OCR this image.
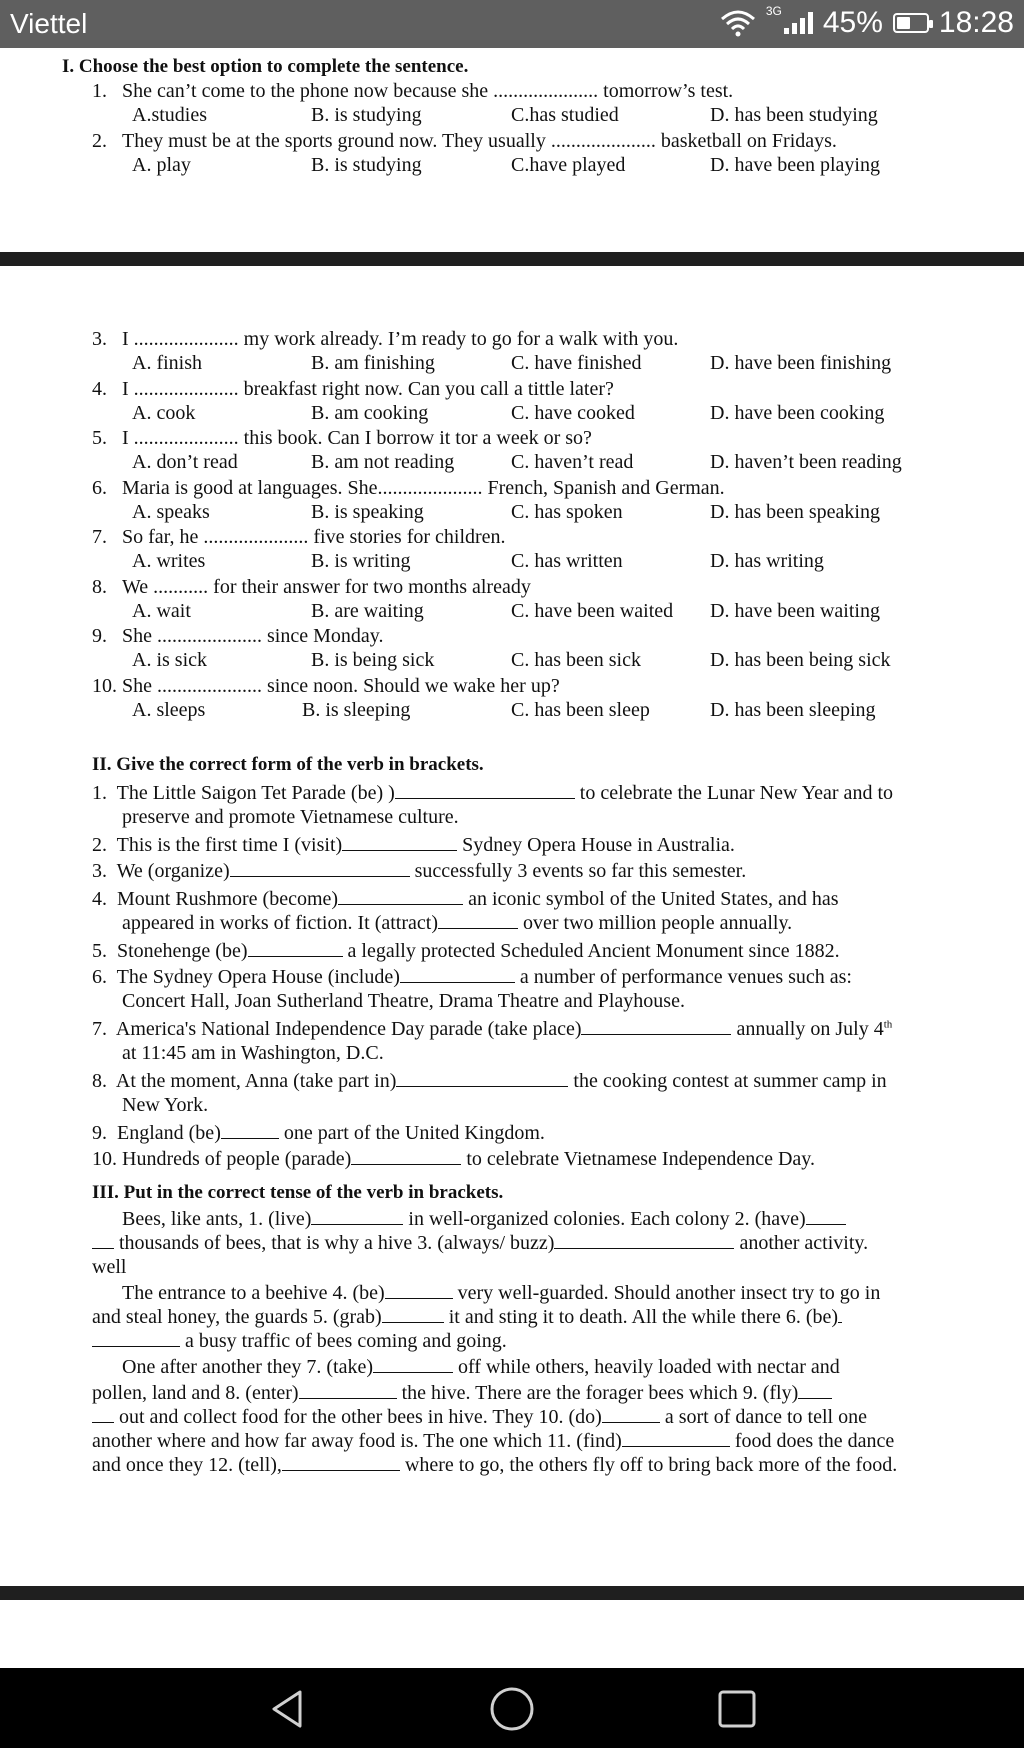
Viettel	3G 45% 18:28
I. Choose the best option to complete the sentence.
1. She can’t come to the phone now because she ..................... tomorrow’s test.
A.studies	B. is studying	C.has studied	D. has been studying
2. They must be at the sports ground now. They usually ..................... basketball on Fridays.
A. play	B. is studying	C.have played	D. have been playing
3. I ..................... my work already. I’m ready to go for a walk with you.
A. finish	B. am finishing	C. have finished	D. have been finishing
4. I ..................... breakfast right now. Can you call a tittle later?
A. cook	B. am cooking	C. have cooked	D. have been cooking
5. I ..................... this book. Can I borrow it tor a week or so?
A. don’t read	B. am not reading	C. haven’t read	D. haven’t been reading
6. Maria is good at languages. She..................... French, Spanish and German.
A. speaks	B. is speaking	C. has spoken	D. has been speaking
7. So far, he ..................... five stories for children.
A. writes	B. is writing	C. has written	D. has writing
8. We ........... for their answer for two months already
A. wait	B. are waiting	C. have been waited D. have been waiting
9. She ..................... since Monday.
A. is sick	B. is being sick	C. has been sick	D. has been being sick
10. She ..................... since noon. Should we wake her up?
A. sleeps	B. is sleeping	C. has been sleep	D. has been sleeping
II. Give the correct form of the verb in brackets.
1. The Little Saigon Tet Parade (be) )	to celebrate the Lunar New Year and to
preserve and promote Vietnamese culture.
2. This is the first time I (visit)	Sydney Opera House in Australia.
3. We (organize)	successfully 3 events so far this semester.
4. Mount Rushmore (become)	an iconic symbol of the United States, and has
appeared in works of fiction. It (attract)	over two million people annually.
5. Stonehenge (be)	a legally protected Scheduled Ancient Monument since 1882.
6. The Sydney Opera House (include)	a number of performance venues such as:
Concert Hall, Joan Sutherland Theatre, Drama Theatre and Playhouse.
7. America's National Independence Day parade (take place)	annually on July 4th
at 11:45 am in Washington, D.C.
8. At the moment, Anna (take part in)	the cooking contest at summer camp in
New York.
9. England (be)	one part of the United Kingdom.
10. Hundreds of people (parade)	to celebrate Vietnamese Independence Day.
III. Put in the correct tense of the verb in brackets.
Bees, like ants, 1. (live)	in well-organized colonies. Each colony 2. (have)
thousands of bees, that is why a hive 3. (always/ buzz)	another activity.
well
The entrance to a beehive 4. (be)	very well-guarded. Should another insect try to go in
and steal honey, the guards 5. (grab)	it and sting it to death. All the while there 6. (be)
a busy traffic of bees coming and going.
One after another they 7. (take)	off while others, heavily loaded with nectar and
pollen, land and 8. (enter)	the hive. There are the forager bees which 9. (fly)
out and collect food for the other bees in hive. They 10. (do)	a sort of dance to tell one
another where and how far away food is. The one which 11. (find)	food does the dance
and once they 12. (tell),	where to go, the others fly off to bring back more of the food.
